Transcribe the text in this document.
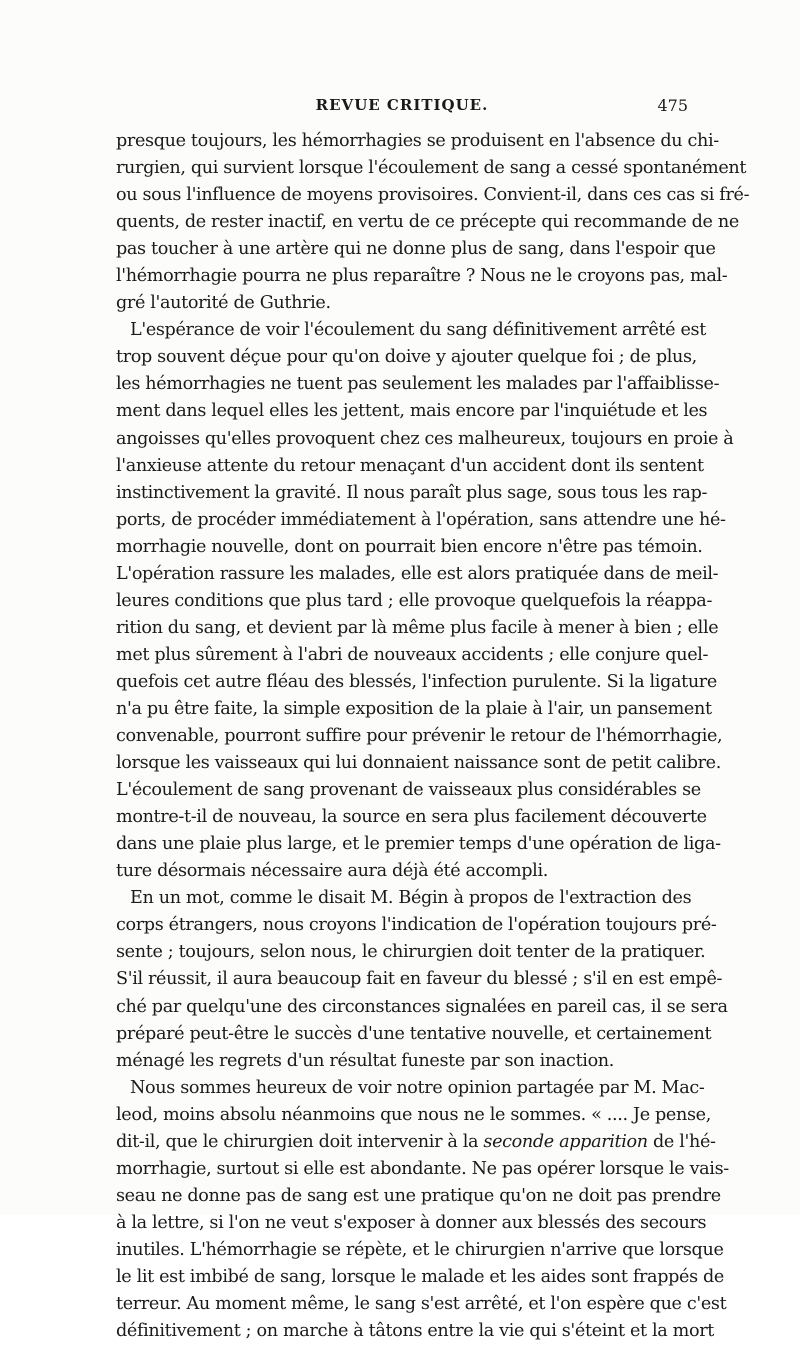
REVUE CRITIQUE.	475
presque toujours, les hémorrhagies se produisent en l'absence du chi-
rurgien, qui survient lorsque l'écoulement de sang a cessé spontanément
ou sous l'influence de moyens provisoires. Convient-il, dans ces cas si fré-
quents, de rester inactif, en vertu de ce précepte qui recommande de ne
pas toucher à une artère qui ne donne plus de sang, dans l'espoir que
l'hémorrhagie pourra ne plus reparaître ? Nous ne le croyons pas, mal-
gré l'autorité de Guthrie.
L'espérance de voir l'écoulement du sang définitivement arrêté est
trop souvent déçue pour qu'on doive y ajouter quelque foi ; de plus,
les hémorrhagies ne tuent pas seulement les malades par l'affaiblisse-
ment dans lequel elles les jettent, mais encore par l'inquiétude et les
angoisses qu'elles provoquent chez ces malheureux, toujours en proie à
l'anxieuse attente du retour menaçant d'un accident dont ils sentent
instinctivement la gravité. Il nous paraît plus sage, sous tous les rap-
ports, de procéder immédiatement à l'opération, sans attendre une hé-
morrhagie nouvelle, dont on pourrait bien encore n'être pas témoin.
L'opération rassure les malades, elle est alors pratiquée dans de meil-
leures conditions que plus tard ; elle provoque quelquefois la réappa-
rition du sang, et devient par là même plus facile à mener à bien ; elle
met plus sûrement à l'abri de nouveaux accidents ; elle conjure quel-
quefois cet autre fléau des blessés, l'infection purulente. Si la ligature
n'a pu être faite, la simple exposition de la plaie à l'air, un pansement
convenable, pourront suffire pour prévenir le retour de l'hémorrhagie,
lorsque les vaisseaux qui lui donnaient naissance sont de petit calibre.
L'écoulement de sang provenant de vaisseaux plus considérables se
montre-t-il de nouveau, la source en sera plus facilement découverte
dans une plaie plus large, et le premier temps d'une opération de liga-
ture désormais nécessaire aura déjà été accompli.
En un mot, comme le disait M. Bégin à propos de l'extraction des
corps étrangers, nous croyons l'indication de l'opération toujours pré-
sente ; toujours, selon nous, le chirurgien doit tenter de la pratiquer.
S'il réussit, il aura beaucoup fait en faveur du blessé ; s'il en est empê-
ché par quelqu'une des circonstances signalées en pareil cas, il se sera
préparé peut-être le succès d'une tentative nouvelle, et certainement
ménagé les regrets d'un résultat funeste par son inaction.
Nous sommes heureux de voir notre opinion partagée par M. Mac-
leod, moins absolu néanmoins que nous ne le sommes. « .... Je pense,
dit-il, que le chirurgien doit intervenir à la seconde apparition de l'hé-
morrhagie, surtout si elle est abondante. Ne pas opérer lorsque le vais-
seau ne donne pas de sang est une pratique qu'on ne doit pas prendre
à la lettre, si l'on ne veut s'exposer à donner aux blessés des secours
inutiles. L'hémorrhagie se répète, et le chirurgien n'arrive que lorsque
le lit est imbibé de sang, lorsque le malade et les aides sont frappés de
terreur. Au moment même, le sang s'est arrêté, et l'on espère que c'est
définitivement ; on marche à tâtons entre la vie qui s'éteint et la mort
